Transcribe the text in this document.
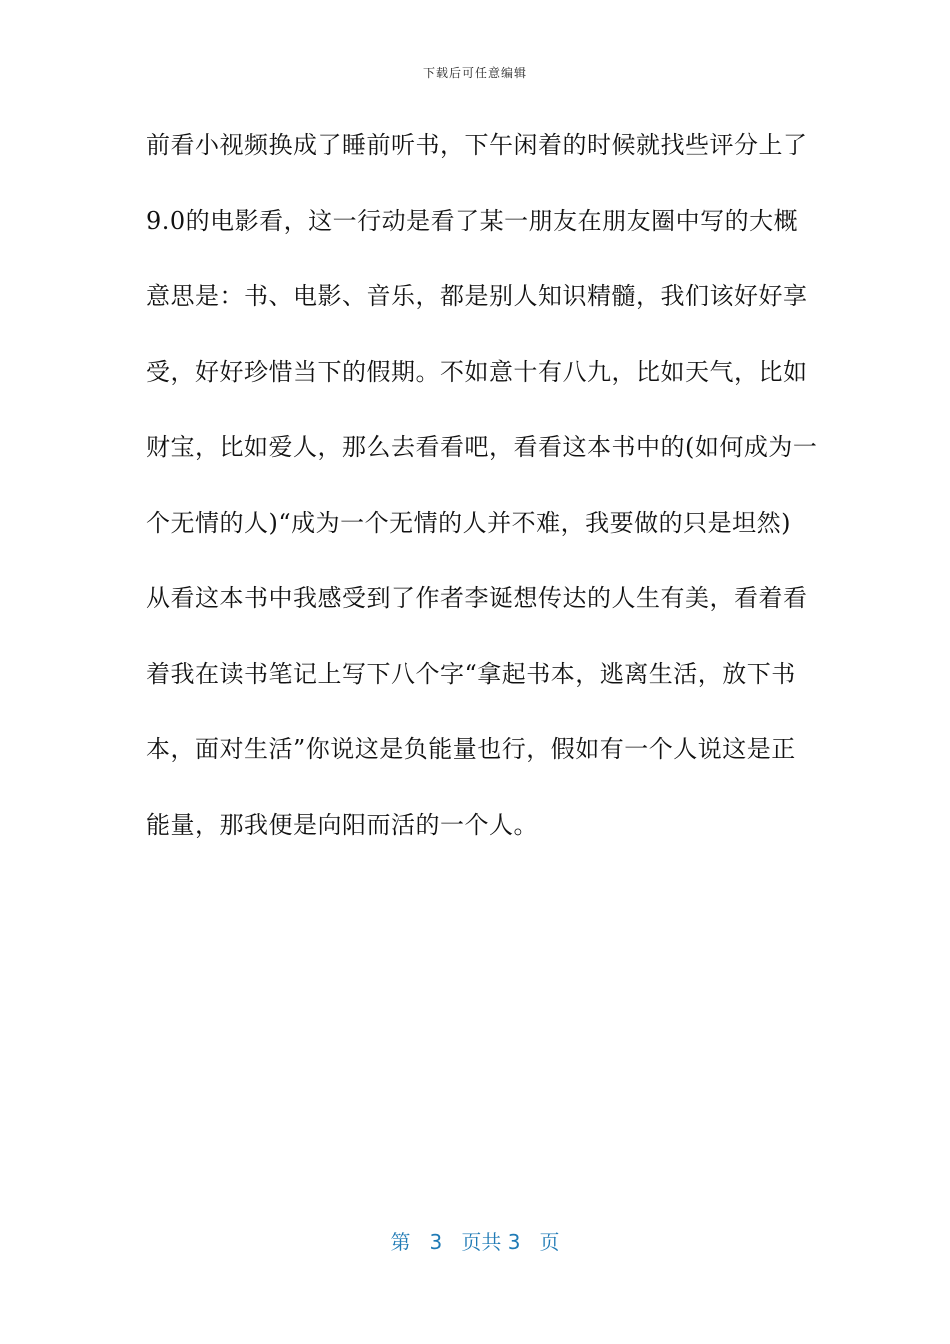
下载后可任意编辑
前看小视频换成了睡前听书，下午闲着的时候就找些评分上了
9.0的电影看，这一行动是看了某一朋友在朋友圈中写的大概
意思是：书、电影、音乐，都是别人知识精髓，我们该好好享
受，好好珍惜当下的假期。不如意十有八九，比如天气，比如
财宝，比如爱人，那么去看看吧，看看这本书中的(如何成为一
个无情的人)“成为一个无情的人并不难，我要做的只是坦然)
从看这本书中我感受到了作者李诞想传达的人生有美，看着看
着我在读书笔记上写下八个字“拿起书本，逃离生活，放下书
本，面对生活”你说这是负能量也行，假如有一个人说这是正
能量，那我便是向阳而活的一个人。
第 3 页共 3 页
